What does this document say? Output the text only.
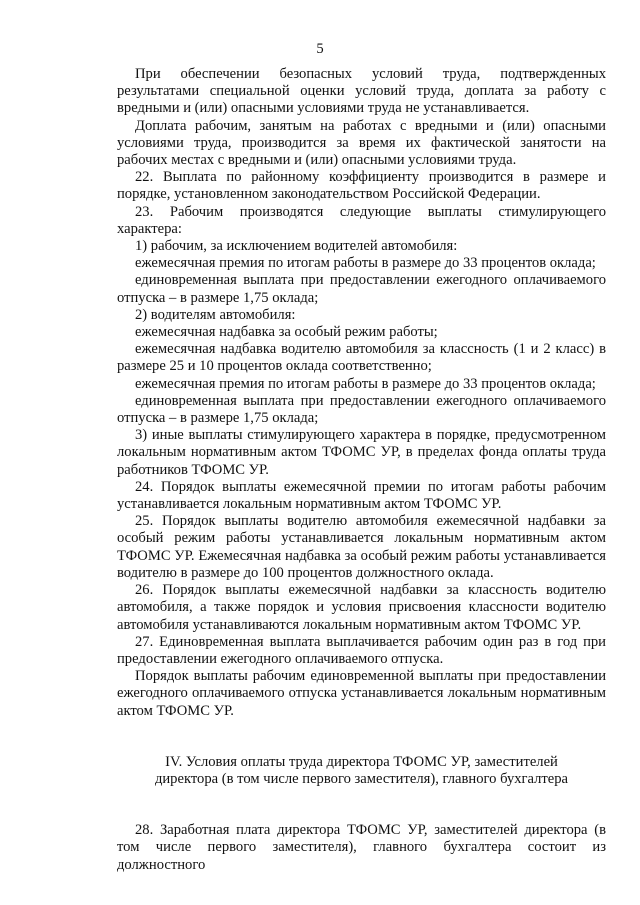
5

При обеспечении безопасных условий труда, подтвержденных результатами специальной оценки условий труда, доплата за работу с вредными и (или) опасными условиями труда не устанавливается.

Доплата рабочим, занятым на работах с вредными и (или) опасными условиями труда, производится за время их фактической занятости на рабочих местах с вредными и (или) опасными условиями труда.

22. Выплата по районному коэффициенту производится в размере и порядке, установленном законодательством Российской Федерации.

23. Рабочим производятся следующие выплаты стимулирующего характера:

1) рабочим, за исключением водителей автомобиля:

ежемесячная премия по итогам работы в размере до 33 процентов оклада;

единовременная выплата при предоставлении ежегодного оплачиваемого отпуска – в размере 1,75 оклада;

2) водителям автомобиля:

ежемесячная надбавка за особый режим работы;

ежемесячная надбавка водителю автомобиля за классность (1 и 2 класс) в размере 25 и 10 процентов оклада соответственно;

ежемесячная премия по итогам работы в размере до 33 процентов оклада;

единовременная выплата при предоставлении ежегодного оплачиваемого отпуска – в размере 1,75 оклада;

3) иные выплаты стимулирующего характера в порядке, предусмотренном локальным нормативным актом ТФОМС УР, в пределах фонда оплаты труда работников ТФОМС УР.

24. Порядок выплаты ежемесячной премии по итогам работы рабочим устанавливается локальным нормативным актом ТФОМС УР.

25. Порядок выплаты водителю автомобиля ежемесячной надбавки за особый режим работы устанавливается локальным нормативным актом ТФОМС УР. Ежемесячная надбавка за особый режим работы устанавливается водителю в размере до 100 процентов должностного оклада.

26. Порядок выплаты ежемесячной надбавки за классность водителю автомобиля, а также порядок и условия присвоения классности водителю автомобиля устанавливаются локальным нормативным актом ТФОМС УР.

27. Единовременная выплата выплачивается рабочим один раз в год при предоставлении ежегодного оплачиваемого отпуска.

Порядок выплаты рабочим единовременной выплаты при предоставлении ежегодного оплачиваемого отпуска устанавливается локальным нормативным актом ТФОМС УР.

IV. Условия оплаты труда директора ТФОМС УР, заместителей
директора (в том числе первого заместителя), главного бухгалтера

28. Заработная плата директора ТФОМС УР, заместителей директора (в том числе первого заместителя), главного бухгалтера состоит из должностного
